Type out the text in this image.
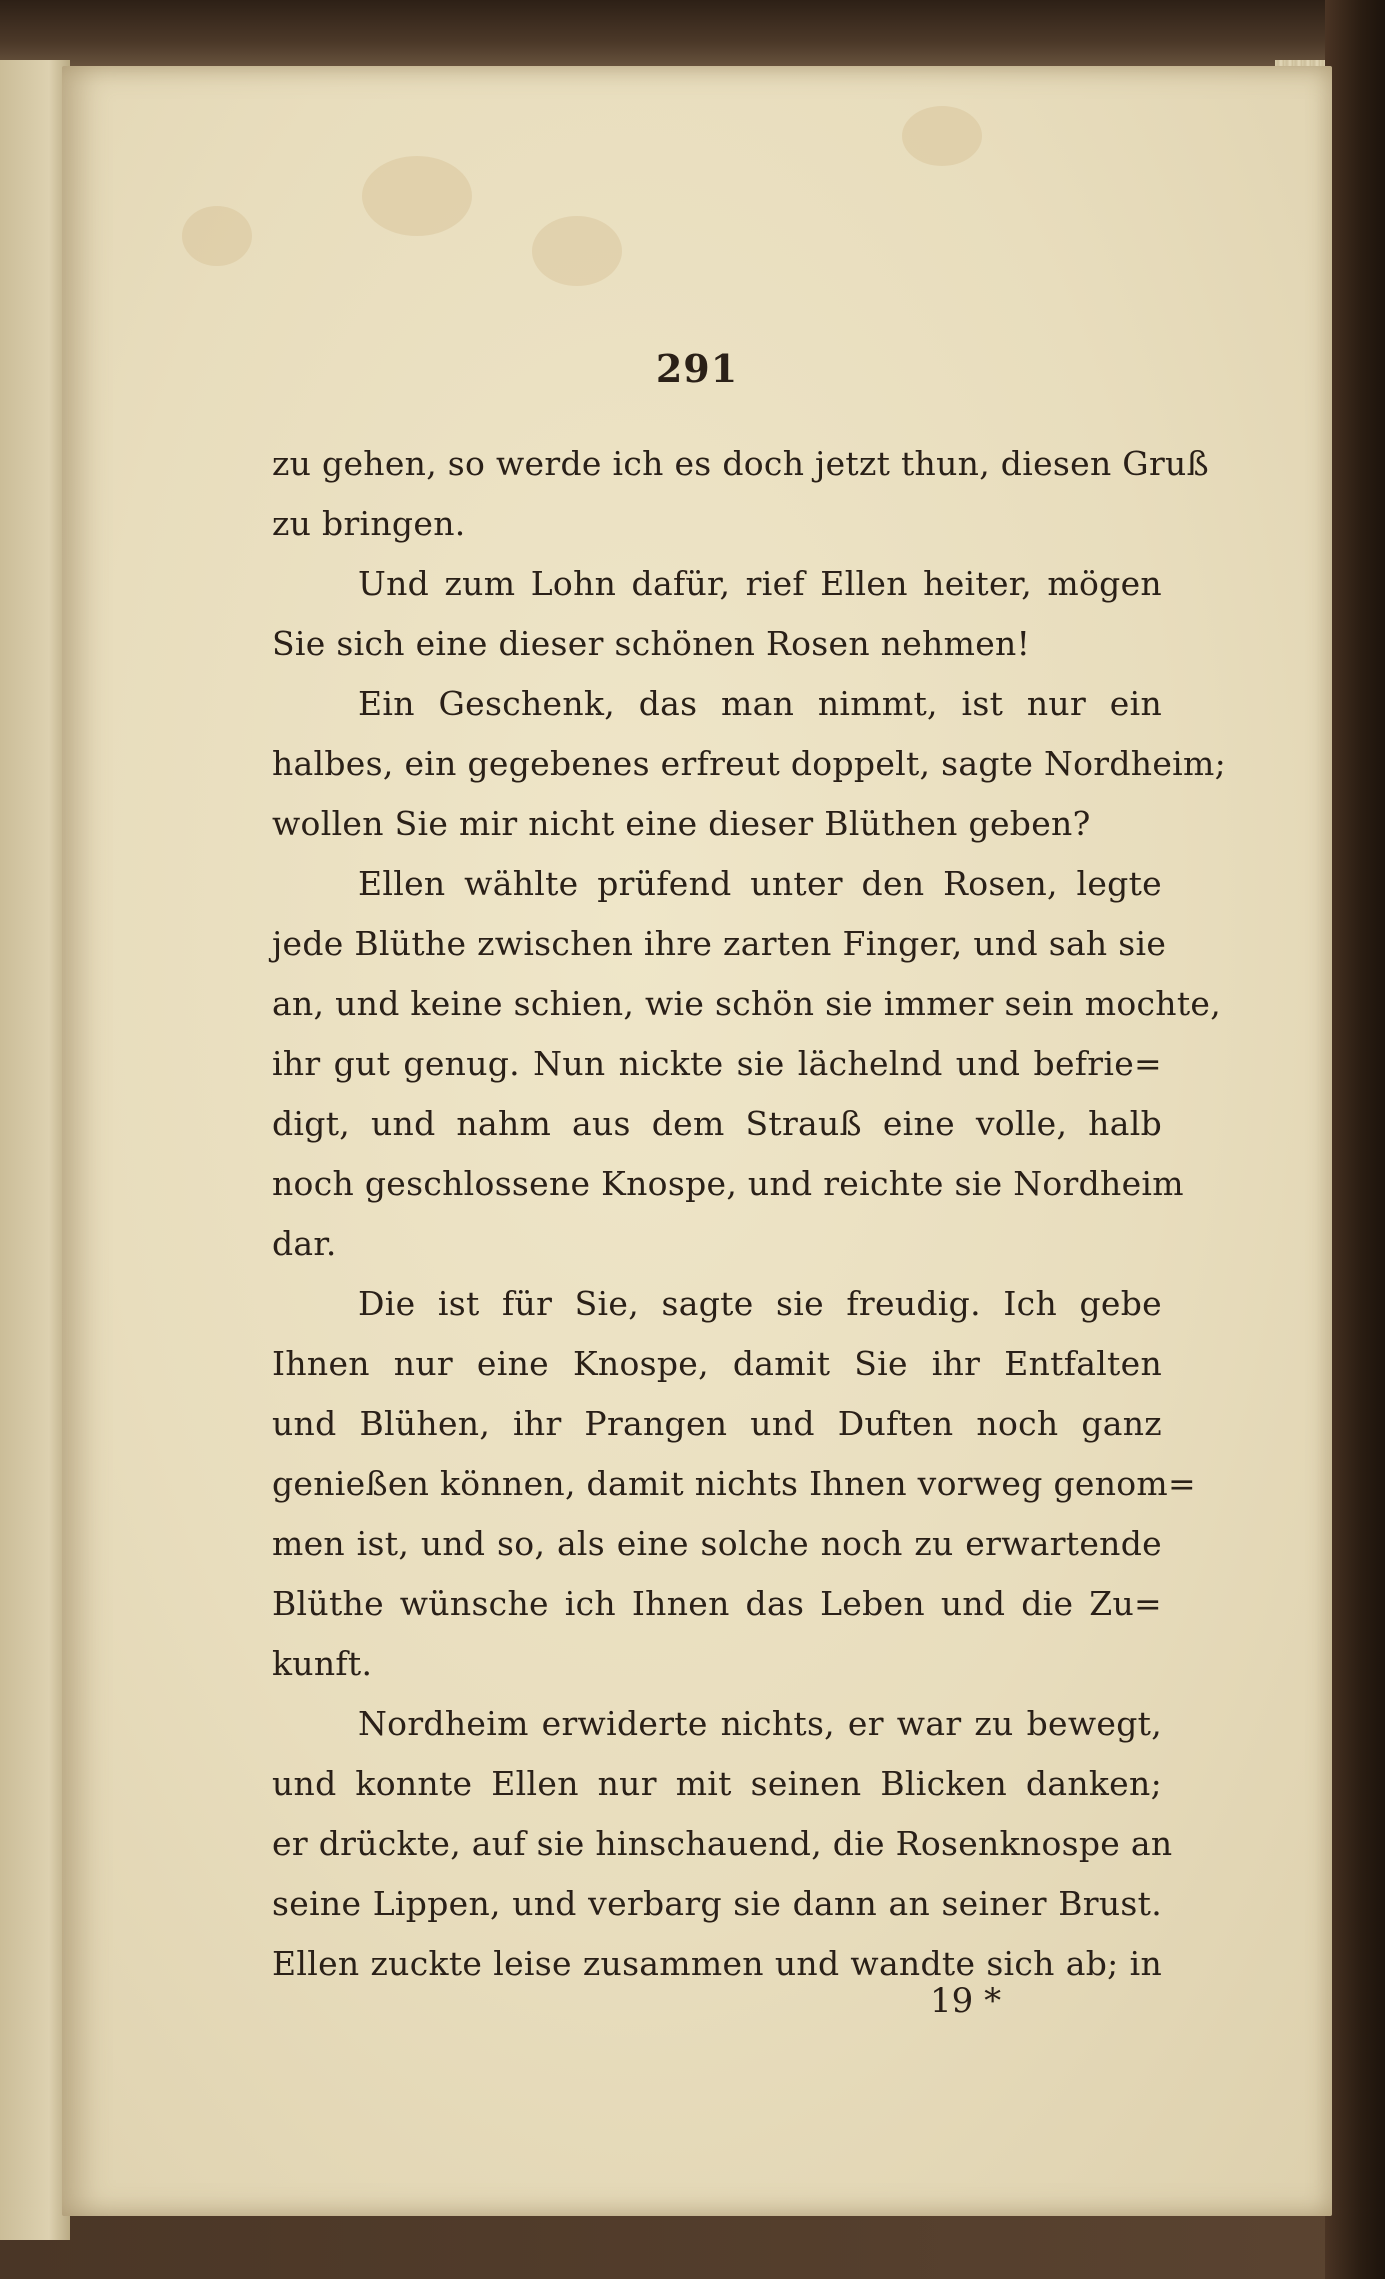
291
zu gehen, so werde ich es doch jetzt thun, diesen Gruß
zu bringen.
Und zum Lohn dafür, rief Ellen heiter, mögen
Sie sich eine dieser schönen Rosen nehmen!
Ein Geschenk, das man nimmt, ist nur ein
halbes, ein gegebenes erfreut doppelt, sagte Nordheim;
wollen Sie mir nicht eine dieser Blüthen geben?
Ellen wählte prüfend unter den Rosen, legte
jede Blüthe zwischen ihre zarten Finger, und sah sie
an, und keine schien, wie schön sie immer sein mochte,
ihr gut genug. Nun nickte sie lächelnd und befrie=
digt, und nahm aus dem Strauß eine volle, halb
noch geschlossene Knospe, und reichte sie Nordheim
dar.
Die ist für Sie, sagte sie freudig. Ich gebe
Ihnen nur eine Knospe, damit Sie ihr Entfalten
und Blühen, ihr Prangen und Duften noch ganz
genießen können, damit nichts Ihnen vorweg genom=
men ist, und so, als eine solche noch zu erwartende
Blüthe wünsche ich Ihnen das Leben und die Zu=
kunft.
Nordheim erwiderte nichts, er war zu bewegt,
und konnte Ellen nur mit seinen Blicken danken;
er drückte, auf sie hinschauend, die Rosenknospe an
seine Lippen, und verbarg sie dann an seiner Brust.
Ellen zuckte leise zusammen und wandte sich ab; in
19 *
